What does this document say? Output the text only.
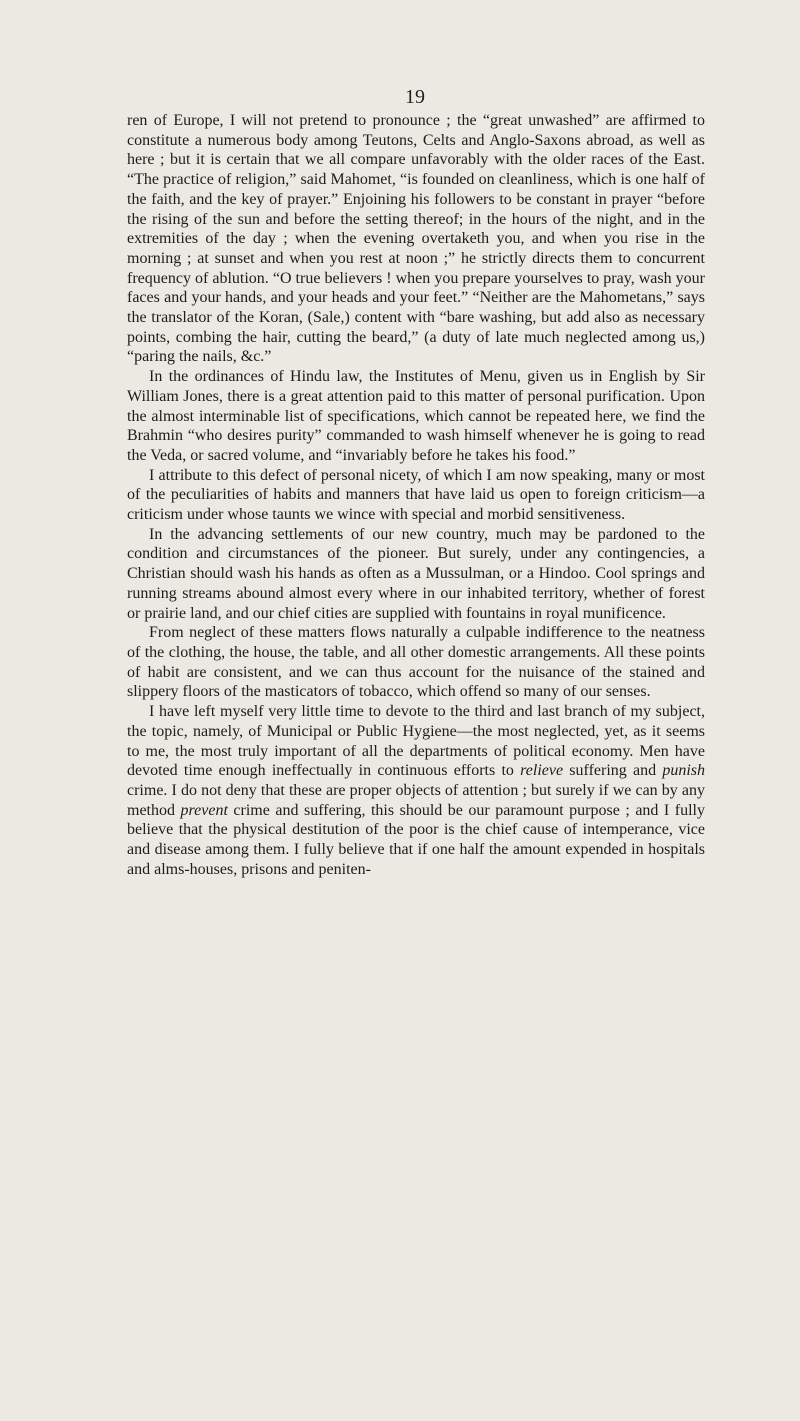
19

ren of Europe, I will not pretend to pronounce ; the “great unwashed” are affirmed to constitute a numerous body among Teutons, Celts and Anglo-Saxons abroad, as well as here ; but it is certain that we all compare unfavorably with the older races of the East. “The practice of religion,” said Mahomet, “is founded on cleanliness, which is one half of the faith, and the key of prayer.” Enjoining his followers to be constant in prayer “before the rising of the sun and before the setting thereof; in the hours of the night, and in the extremities of the day ; when the evening overtaketh you, and when you rise in the morning ; at sunset and when you rest at noon ;” he strictly directs them to concurrent frequency of ablution. “O true believers ! when you prepare yourselves to pray, wash your faces and your hands, and your heads and your feet.” “Neither are the Mahometans,” says the translator of the Koran, (Sale,) content with “bare washing, but add also as necessary points, combing the hair, cutting the beard,” (a duty of late much neglected among us,) “paring the nails, &c.”

In the ordinances of Hindu law, the Institutes of Menu, given us in English by Sir William Jones, there is a great attention paid to this matter of personal purification. Upon the almost interminable list of specifications, which cannot be repeated here, we find the Brahmin “who desires purity” commanded to wash himself whenever he is going to read the Veda, or sacred volume, and “invariably before he takes his food.”

I attribute to this defect of personal nicety, of which I am now speaking, many or most of the peculiarities of habits and manners that have laid us open to foreign criticism—a criticism under whose taunts we wince with special and morbid sensitiveness.

In the advancing settlements of our new country, much may be pardoned to the condition and circumstances of the pioneer. But surely, under any contingencies, a Christian should wash his hands as often as a Mussulman, or a Hindoo. Cool springs and running streams abound almost every where in our inhabited territory, whether of forest or prairie land, and our chief cities are supplied with fountains in royal munificence.

From neglect of these matters flows naturally a culpable indifference to the neatness of the clothing, the house, the table, and all other domestic arrangements. All these points of habit are consistent, and we can thus account for the nuisance of the stained and slippery floors of the masticators of tobacco, which offend so many of our senses.

I have left myself very little time to devote to the third and last branch of my subject, the topic, namely, of Municipal or Public Hygiene—the most neglected, yet, as it seems to me, the most truly important of all the departments of political economy. Men have devoted time enough ineffectually in continuous efforts to relieve suffering and punish crime. I do not deny that these are proper objects of attention ; but surely if we can by any method prevent crime and suffering, this should be our paramount purpose ; and I fully believe that the physical destitution of the poor is the chief cause of intemperance, vice and disease among them. I fully believe that if one half the amount expended in hospitals and alms-houses, prisons and peniten-
